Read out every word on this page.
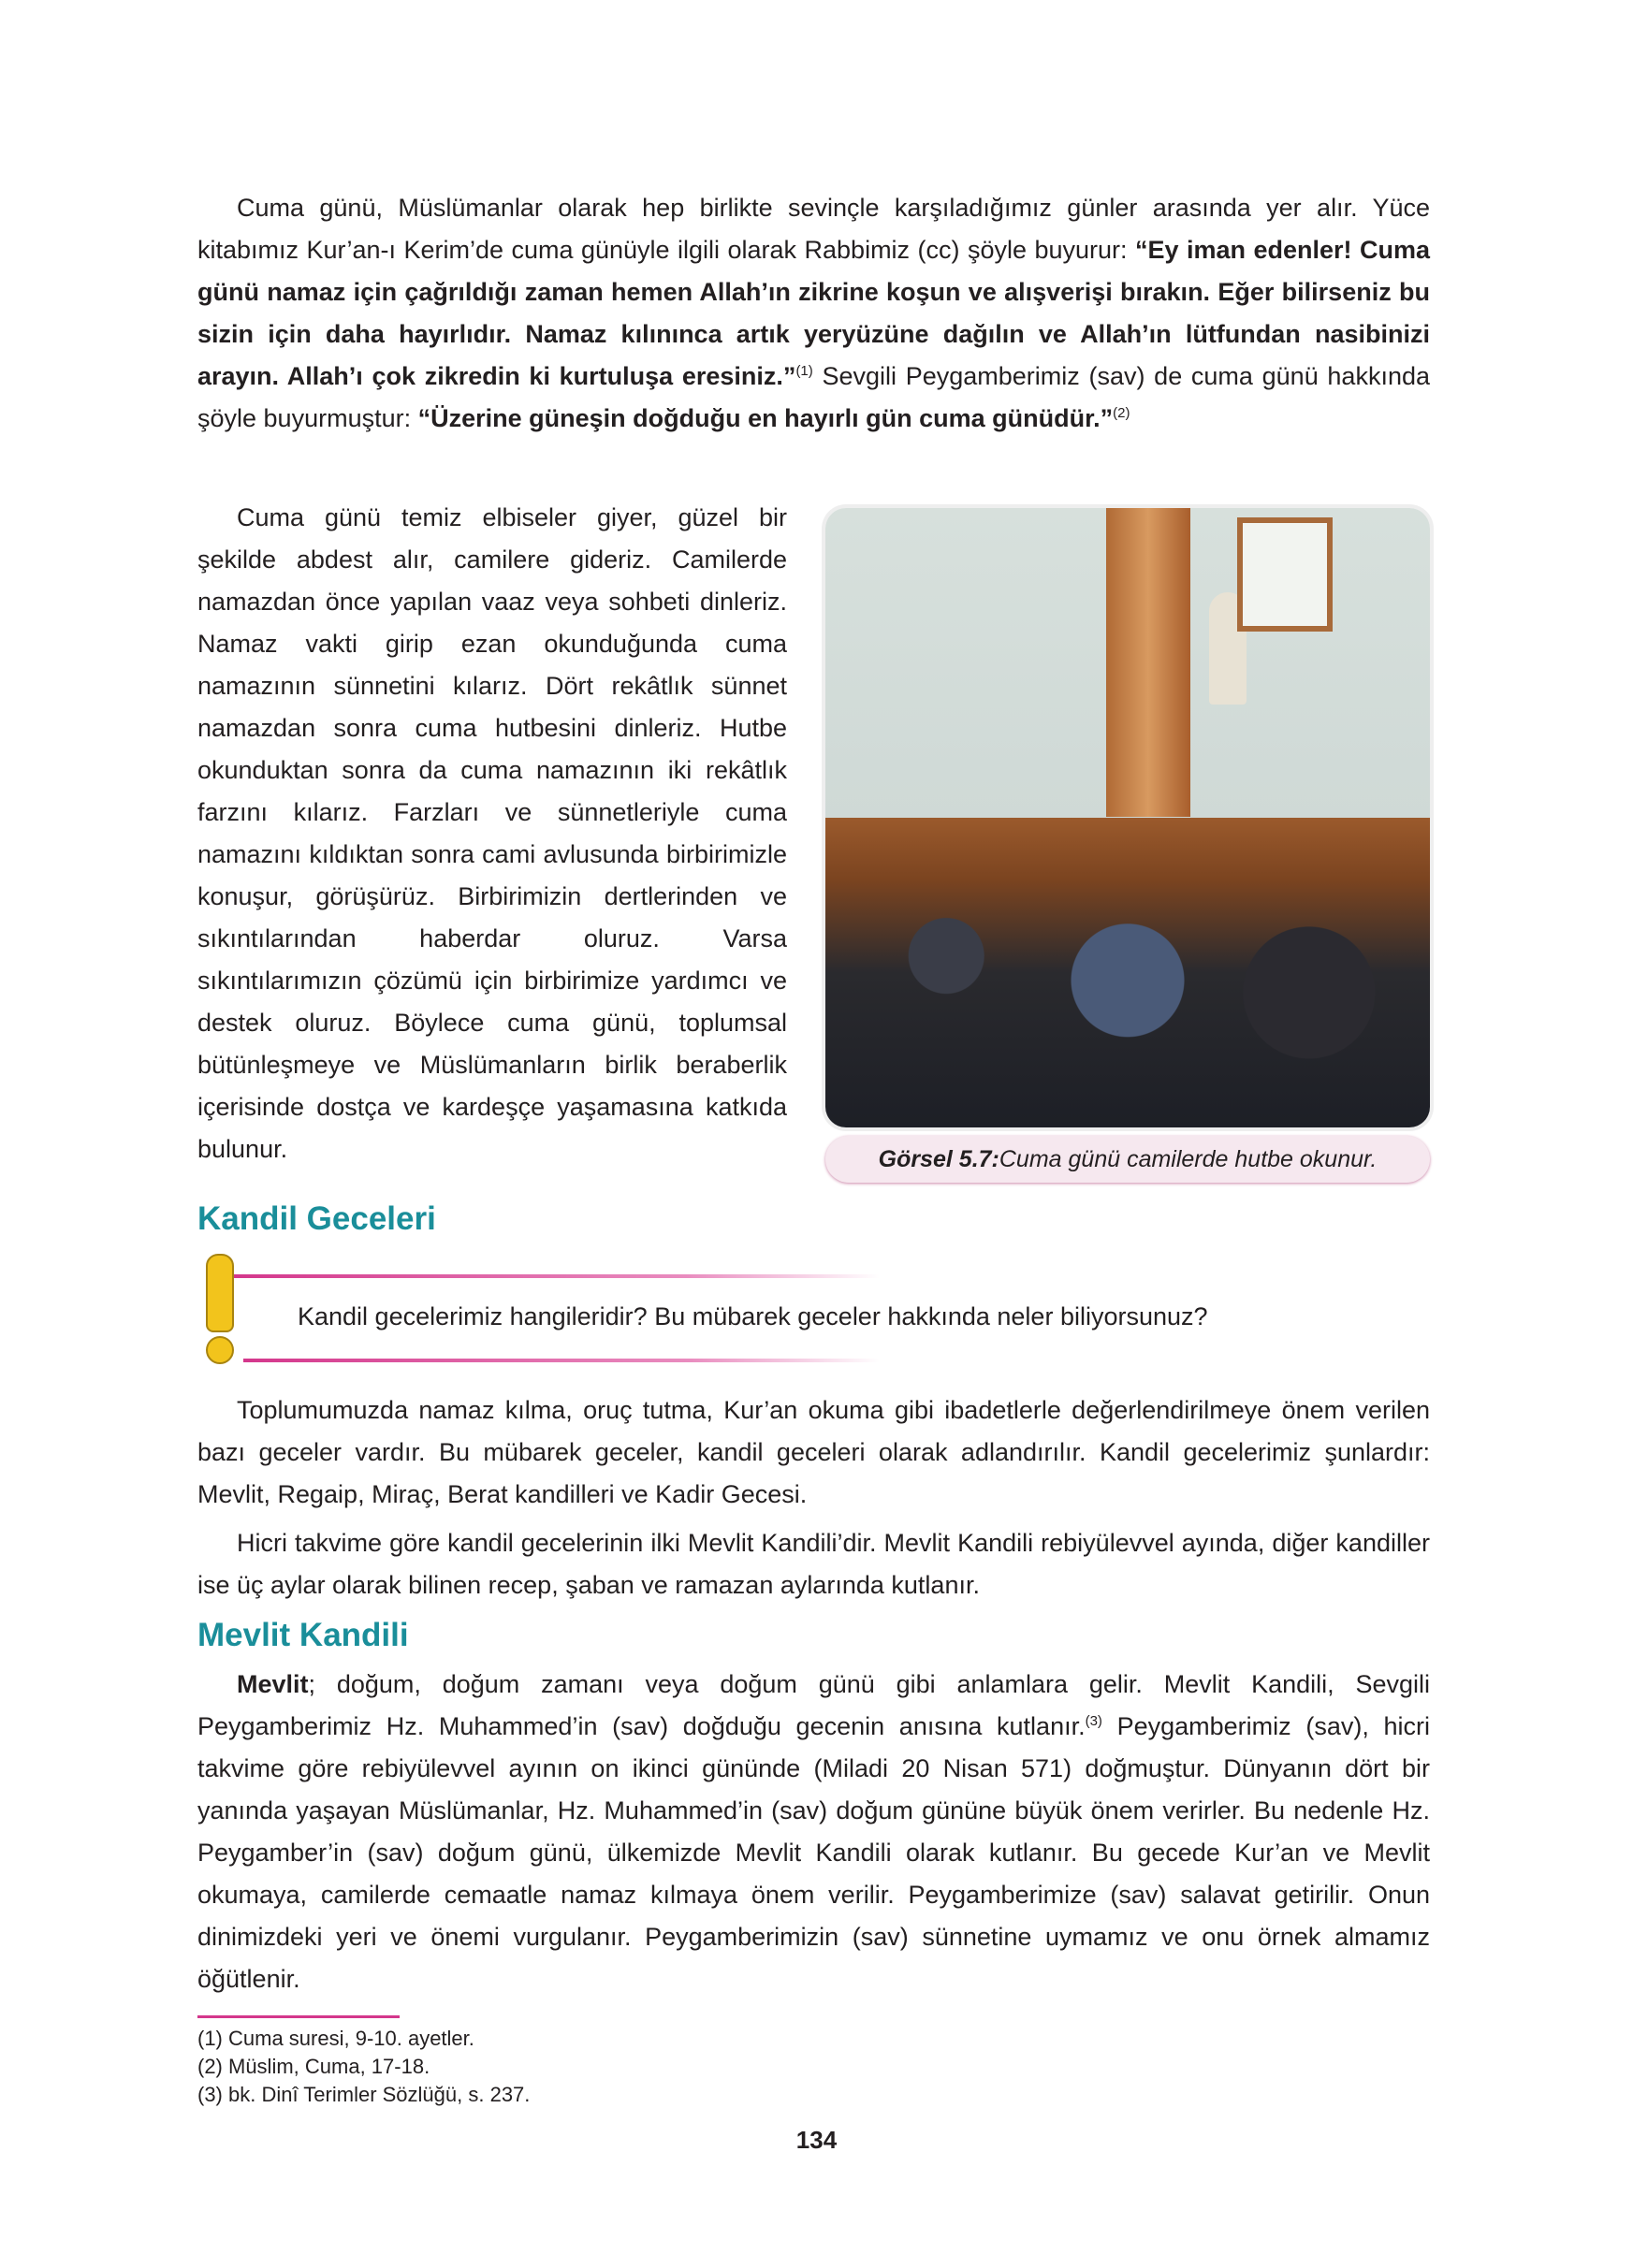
Cuma günü, Müslümanlar olarak hep birlikte sevinçle karşıladığımız günler arasında yer alır. Yüce kitabımız Kur’an-ı Kerim’de cuma günüyle ilgili olarak Rabbimiz (cc) şöyle buyurur: “Ey iman edenler! Cuma günü namaz için çağrıldığı zaman hemen Allah’ın zikrine koşun ve alışverişi bırakın. Eğer bilirseniz bu sizin için daha hayırlıdır. Namaz kılınınca artık yeryüzüne dağılın ve Allah’ın lütfundan nasibinizi arayın. Allah’ı çok zikredin ki kurtuluşa eresiniz.”$^{(1)}$ Sevgili Peygamberimiz (sav) de cuma günü hakkında şöyle buyurmuştur: “Üzerine güneşin doğduğu en hayırlı gün cuma günüdür.”$^{(2)}$

Cuma günü temiz elbiseler giyer, güzel bir şekilde abdest alır, camilere gideriz. Camilerde namazdan önce yapılan vaaz veya sohbeti dinleriz. Namaz vakti girip ezan okunduğunda cuma namazının sünnetini kılarız. Dört rekâtlık sünnet namazdan sonra cuma hutbesini dinleriz. Hutbe okunduktan sonra da cuma namazının iki rekâtlık farzını kılarız. Farzları ve sünnetleriyle cuma namazını kıldıktan sonra cami avlusunda birbirimizle konuşur, görüşürüz. Birbirimizin dertlerinden ve sıkıntılarından haberdar oluruz. Varsa sıkıntılarımızın çözümü için birbirimize yardımcı ve destek oluruz. Böylece cuma günü, toplumsal bütünleşmeye ve Müslümanların birlik beraberlik içerisinde dostça ve kardeşçe yaşamasına katkıda bulunur.	Görsel 5.7: Cuma günü camilerde hutbe okunur.
Kandil Geceleri
Kandil gecelerimiz hangileridir? Bu mübarek geceler hakkında neler biliyorsunuz?

Toplumumuzda namaz kılma, oruç tutma, Kur’an okuma gibi ibadetlerle değerlendirilmeye önem verilen bazı geceler vardır. Bu mübarek geceler, kandil geceleri olarak adlandırılır. Kandil gecelerimiz şunlardır: Mevlit, Regaip, Miraç, Berat kandilleri ve Kadir Gecesi.

Hicri takvime göre kandil gecelerinin ilki Mevlit Kandili’dir. Mevlit Kandili rebiyülevvel ayında, diğer kandiller ise üç aylar olarak bilinen recep, şaban ve ramazan aylarında kutlanır.

Mevlit Kandili

Mevlit; doğum, doğum zamanı veya doğum günü gibi anlamlara gelir. Mevlit Kandili, Sevgili Peygamberimiz Hz. Muhammed’in (sav) doğduğu gecenin anısına kutlanır.$^{(3)}$ Peygamberimiz (sav), hicri takvime göre rebiyülevvel ayının on ikinci gününde (Miladi 20 Nisan 571) doğmuştur. Dünyanın dört bir yanında yaşayan Müslümanlar, Hz. Muhammed’in (sav) doğum gününe büyük önem verirler. Bu nedenle Hz. Peygamber’in (sav) doğum günü, ülkemizde Mevlit Kandili olarak kutlanır. Bu gecede Kur’an ve Mevlit okumaya, camilerde cemaatle namaz kılmaya önem verilir. Peygamberimize (sav) salavat getirilir. Onun dinimizdeki yeri ve önemi vurgulanır. Peygamberimizin (sav) sünnetine uymamız ve onu örnek almamız öğütlenir.

(1) Cuma suresi, 9-10. ayetler.
(2) Müslim, Cuma, 17-18.
(3) bk. Dinî Terimler Sözlüğü, s. 237.
134
